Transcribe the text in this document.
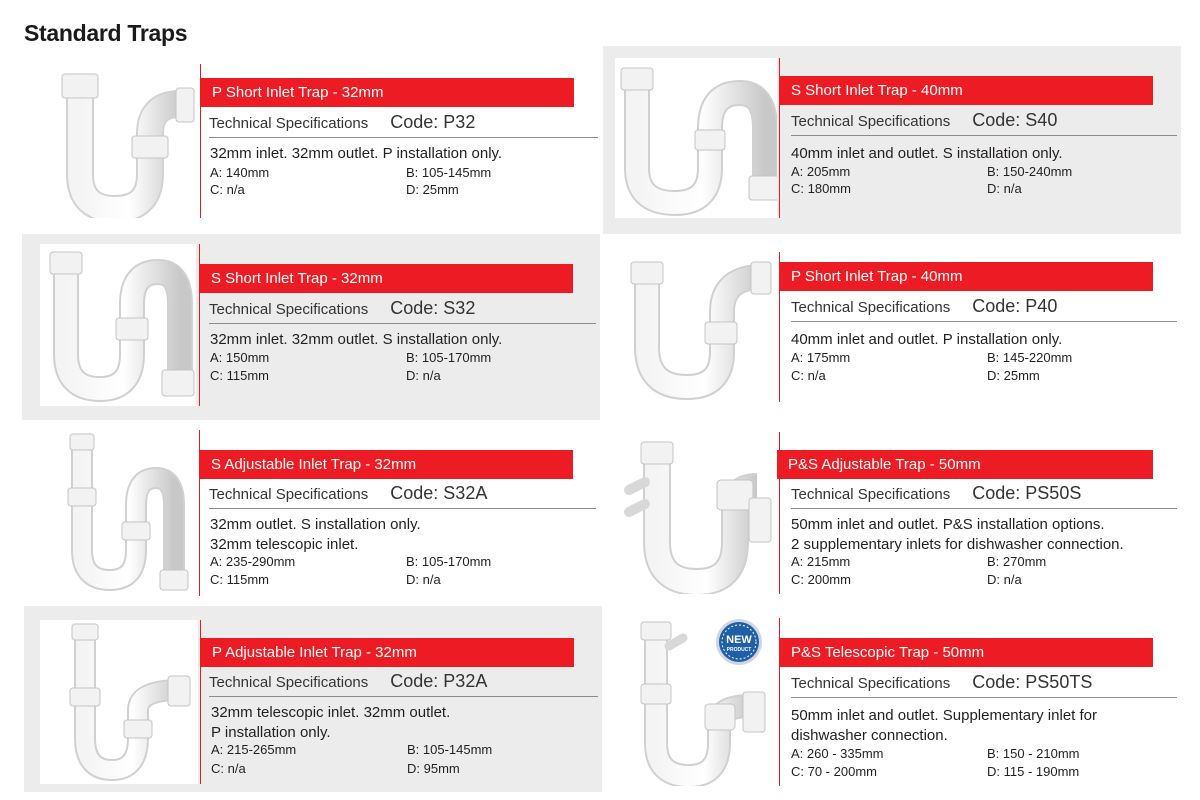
Standard Traps
P Short Inlet Trap - 32mm
Technical Specifications Code: P32
32mm inlet. 32mm outlet. P installation only.
A: 140mm	B: 105-145mm
C: n/a	D: 25mm
S Short Inlet Trap - 40mm
Technical Specifications Code: S40
40mm inlet and outlet. S installation only.
A: 205mm	B: 150-240mm
C: 180mm	D: n/a
S Short Inlet Trap - 32mm
Technical Specifications Code: S32
32mm inlet. 32mm outlet. S installation only.
A: 150mm	B: 105-170mm
C: 115mm	D: n/a
P Short Inlet Trap - 40mm
Technical Specifications Code: P40
40mm inlet and outlet. P installation only.
A: 175mm	B: 145-220mm
C: n/a	D: 25mm
S Adjustable Inlet Trap - 32mm
Technical Specifications Code: S32A
32mm outlet. S installation only.
32mm telescopic inlet.
A: 235-290mm	B: 105-170mm
C: 115mm	D: n/a
P&S Adjustable Trap - 50mm
Technical Specifications Code: PS50S
50mm inlet and outlet. P&S installation options.
2 supplementary inlets for dishwasher connection.
A: 215mm	B: 270mm
C: 200mm	D: n/a
P Adjustable Inlet Trap - 32mm
Technical Specifications Code: P32A
32mm telescopic inlet. 32mm outlet.
P installation only.
A: 215-265mm	B: 105-145mm
C: n/a	D: 95mm
NEW
PRODUCT	P&S Telescopic Trap - 50mm
Technical Specifications Code: PS50TS
50mm inlet and outlet. Supplementary inlet for
dishwasher connection.
A: 260 - 335mm	B: 150 - 210mm
C: 70 - 200mm	D: 115 - 190mm
